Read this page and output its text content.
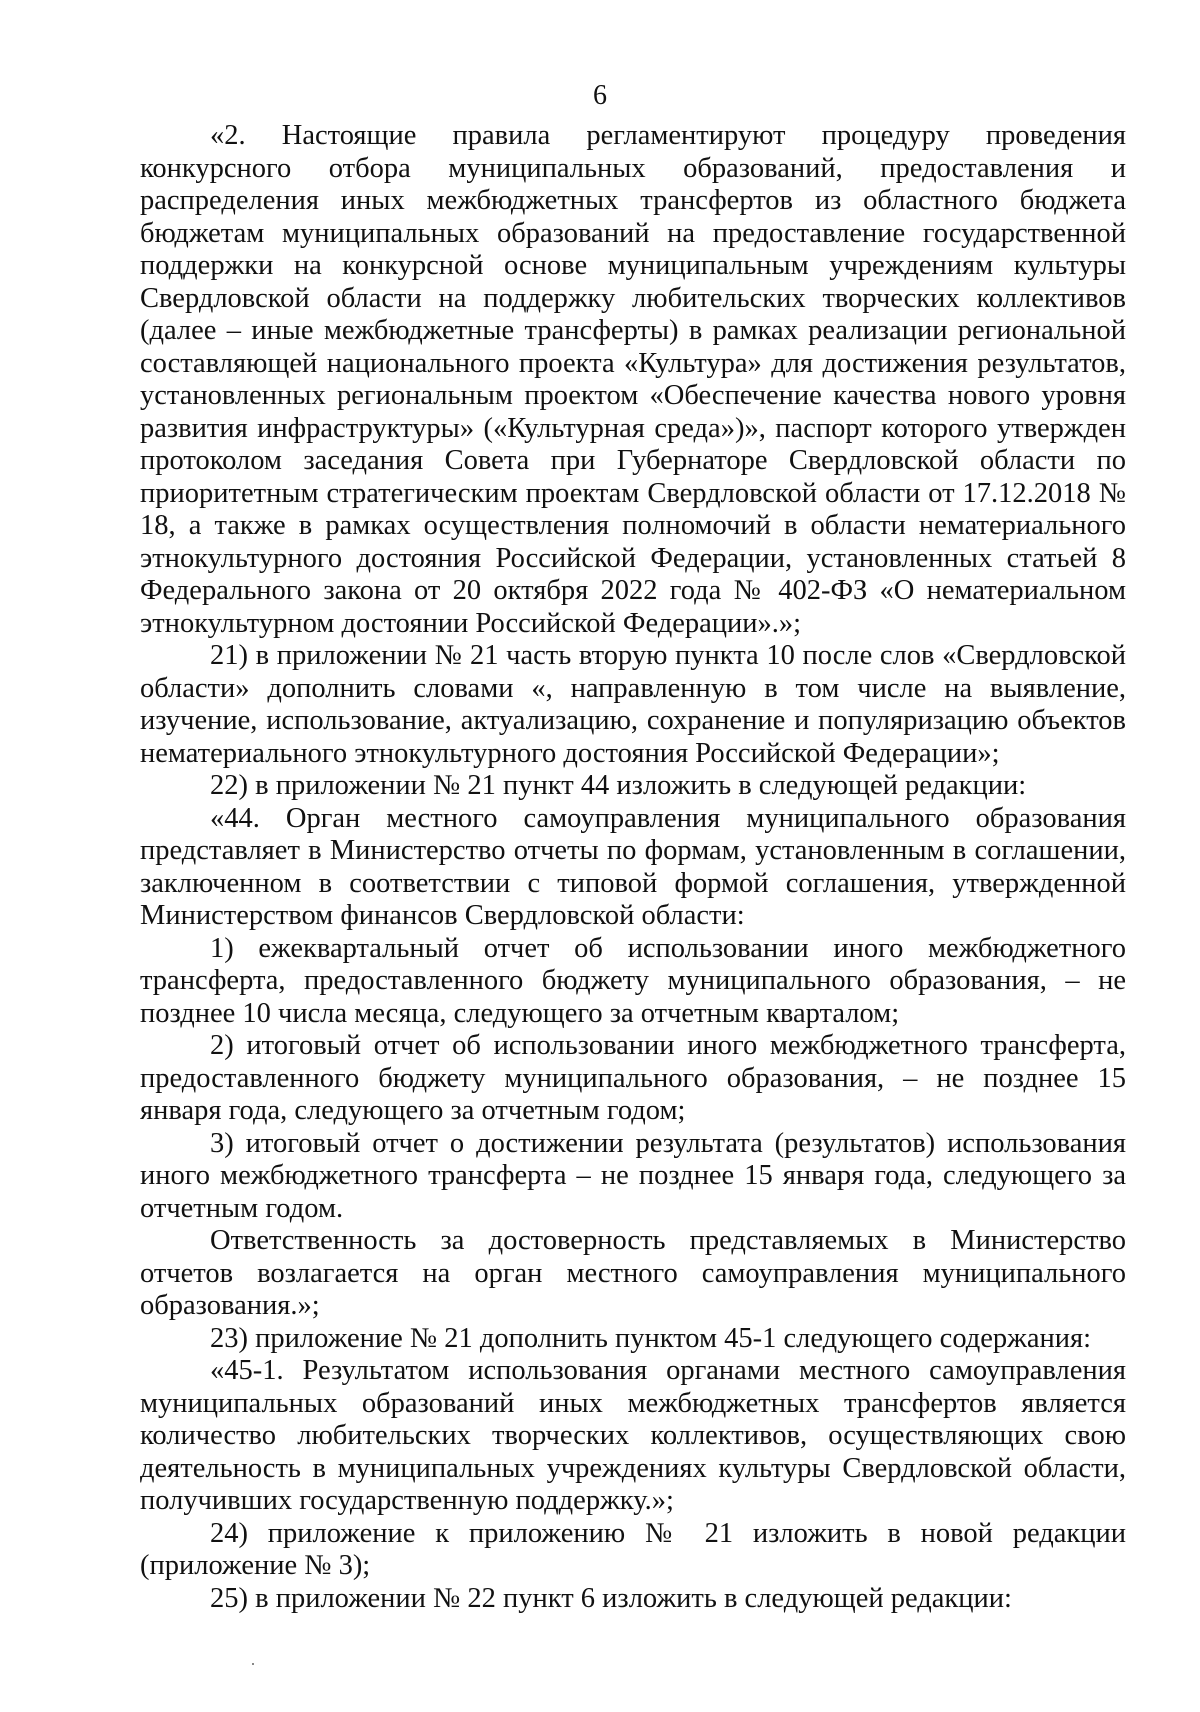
6

«2. Настоящие правила регламентируют процедуру проведения конкурсного отбора муниципальных образований, предоставления и распределения иных межбюджетных трансфертов из областного бюджета бюджетам муниципальных образований на предоставление государственной поддержки на конкурсной основе муниципальным учреждениям культуры Свердловской области на поддержку любительских творческих коллективов (далее – иные межбюджетные трансферты) в рамках реализации региональной составляющей национального проекта «Культура» для достижения результатов, установленных региональным проектом «Обеспечение качества нового уровня развития инфраструктуры» («Культурная среда»)», паспорт которого утвержден протоколом заседания Совета при Губернаторе Свердловской области по приоритетным стратегическим проектам Свердловской области от 17.12.2018 № 18, а также в рамках осуществления полномочий в области нематериального этнокультурного достояния Российской Федерации, установленных статьей 8 Федерального закона от 20 октября 2022 года № 402-ФЗ «О нематериальном этнокультурном достоянии Российской Федерации».»;

21) в приложении № 21 часть вторую пункта 10 после слов «Свердловской области» дополнить словами «, направленную в том числе на выявление, изучение, использование, актуализацию, сохранение и популяризацию объектов нематериального этнокультурного достояния Российской Федерации»;

22) в приложении № 21 пункт 44 изложить в следующей редакции:

«44. Орган местного самоуправления муниципального образования представляет в Министерство отчеты по формам, установленным в соглашении, заключенном в соответствии с типовой формой соглашения, утвержденной Министерством финансов Свердловской области:

1) ежеквартальный отчет об использовании иного межбюджетного трансферта, предоставленного бюджету муниципального образования, – не позднее 10 числа месяца, следующего за отчетным кварталом;

2) итоговый отчет об использовании иного межбюджетного трансферта, предоставленного бюджету муниципального образования, – не позднее 15 января года, следующего за отчетным годом;

3) итоговый отчет о достижении результата (результатов) использования иного межбюджетного трансферта – не позднее 15 января года, следующего за отчетным годом.

Ответственность за достоверность представляемых в Министерство отчетов возлагается на орган местного самоуправления муниципального образования.»;

23) приложение № 21 дополнить пунктом 45-1 следующего содержания:

«45-1. Результатом использования органами местного самоуправления муниципальных образований иных межбюджетных трансфертов является количество любительских творческих коллективов, осуществляющих свою деятельность в муниципальных учреждениях культуры Свердловской области, получивших государственную поддержку.»;

24) приложение к приложению № 21 изложить в новой редакции (приложение № 3);

25) в приложении № 22 пункт 6 изложить в следующей редакции:
